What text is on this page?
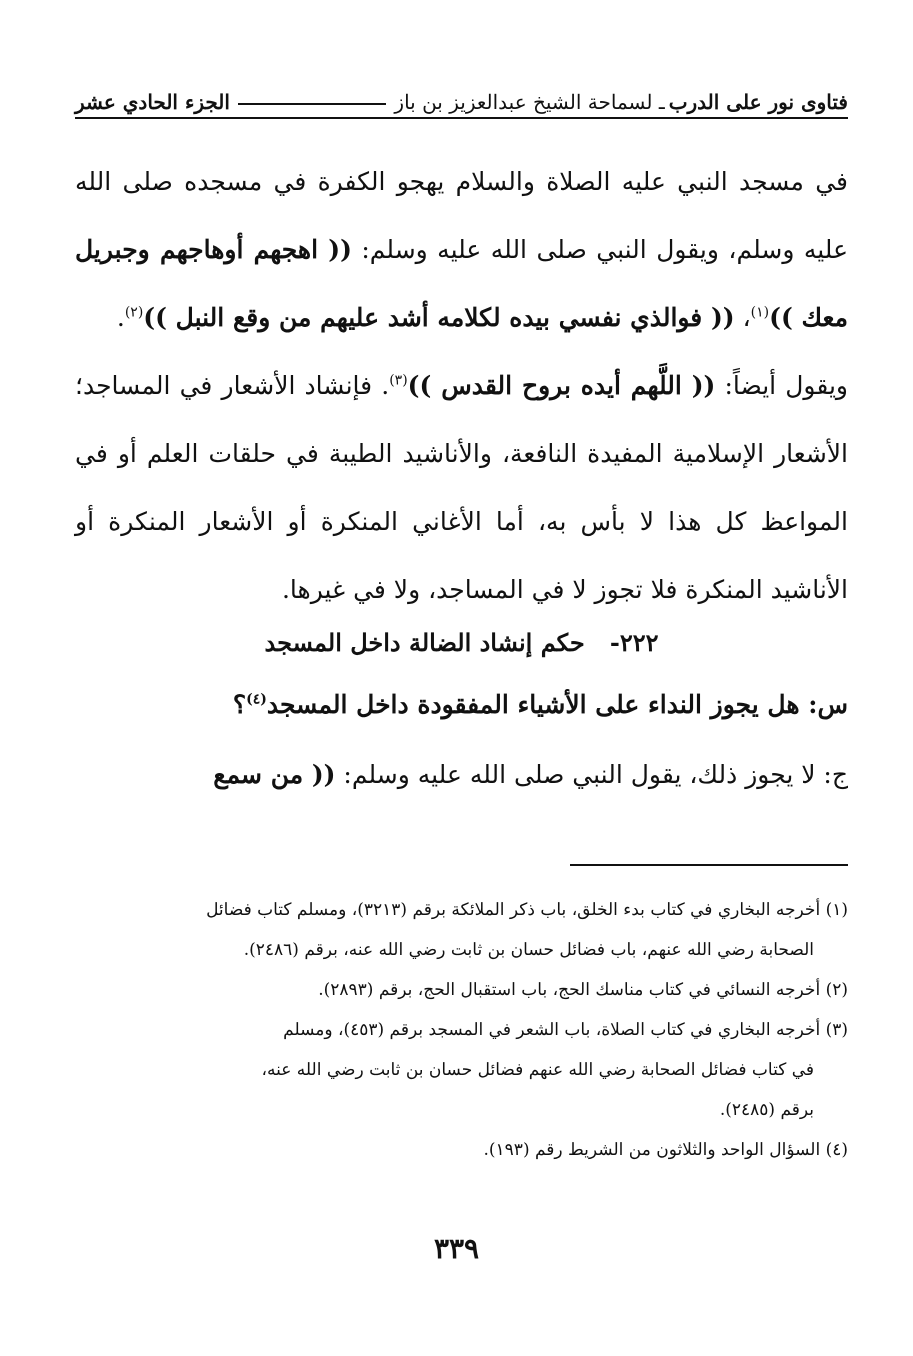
فتاوى نور على الدرب
ـ لسماحة الشيخ عبدالعزيز بن باز
الجزء الحادي عشر

في مسجد النبي عليه الصلاة والسلام يهجو الكفرة في مسجده صلى الله عليه وسلم، ويقول النبي صلى الله عليه وسلم: (( اهجهم أوهاجهم وجبريل معك ))$^{(١)}$، (( فوالذي نفسي بيده لكلامه أشد عليهم من وقع النبل ))$^{(٢)}$.

ويقول أيضاً: (( اللَّهم أيده بروح القدس ))$^{(٣)}$. فإنشاد الأشعار في المساجد؛ الأشعار الإسلامية المفيدة النافعة، والأناشيد الطيبة في حلقات العلم أو في المواعظ كل هذا لا بأس به، أما الأغاني المنكرة أو الأشعار المنكرة أو الأناشيد المنكرة فلا تجوز لا في المساجد، ولا في غيرها.

٢٢٢-   حكم إنشاد الضالة داخل المسجد
س: هل يجوز النداء على الأشياء المفقودة داخل المسجد$^{(٤)}$؟
ج: لا يجوز ذلك، يقول النبي صلى الله عليه وسلم: (( من سمع

(١) أخرجه البخاري في كتاب بدء الخلق، باب ذكر الملائكة برقم (٣٢١٣)، ومسلم كتاب فضائل

الصحابة رضي الله عنهم، باب فضائل حسان بن ثابت رضي الله عنه، برقم (٢٤٨٦).

(٢) أخرجه النسائي في كتاب مناسك الحج، باب استقبال الحج، برقم (٢٨٩٣).

(٣) أخرجه البخاري في كتاب الصلاة، باب الشعر في المسجد برقم (٤٥٣)، ومسلم

في كتاب فضائل الصحابة رضي الله عنهم فضائل حسان بن ثابت رضي الله عنه،

برقم (٢٤٨٥).

(٤) السؤال الواحد والثلاثون من الشريط رقم (١٩٣).

٣٣٩
